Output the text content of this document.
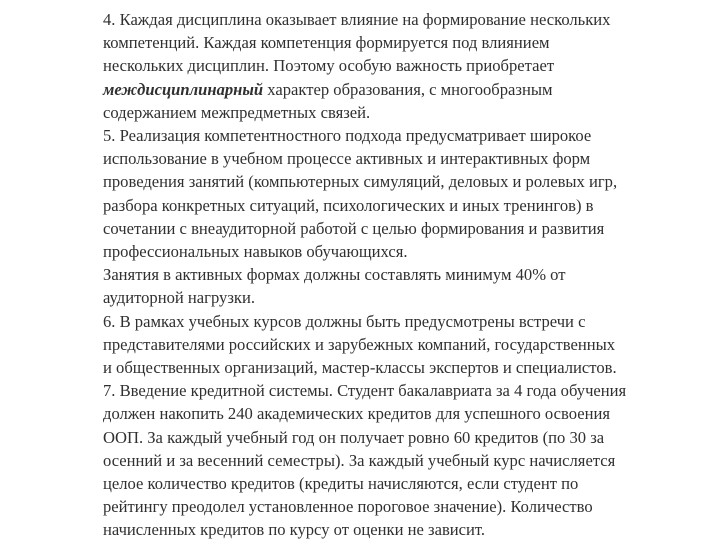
4. Каждая дисциплина оказывает влияние на формирование нескольких
компетенций. Каждая компетенция формируется под влиянием
нескольких дисциплин. Поэтому особую важность приобретает
междисциплинарный характер образования, с многообразным
содержанием межпредметных связей.

5. Реализация компетентностного подхода предусматривает широкое
использование в учебном процессе активных и интерактивных форм
проведения занятий (компьютерных симуляций, деловых и ролевых игр,
разбора конкретных ситуаций, психологических и иных тренингов) в
сочетании с внеаудиторной работой с целью формирования и развития
профессиональных навыков обучающихся.

Занятия в активных формах должны составлять минимум 40% от
аудиторной нагрузки.

6. В рамках учебных курсов должны быть предусмотрены встречи с
представителями российских и зарубежных компаний, государственных
и общественных организаций, мастер-классы экспертов и специалистов.

7. Введение кредитной системы. Студент бакалавриата за 4 года обучения
должен накопить 240 академических кредитов для успешного освоения
ООП. За каждый учебный год он получает ровно 60 кредитов (по 30 за
осенний и за весенний семестры). За каждый учебный курс начисляется
целое количество кредитов (кредиты начисляются, если студент по
рейтингу преодолел установленное пороговое значение). Количество
начисленных кредитов по курсу от оценки не зависит.
